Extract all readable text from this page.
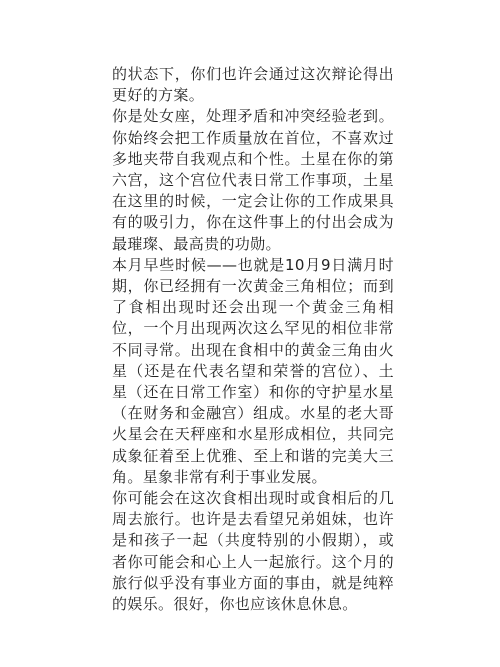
的状态下，你们也许会通过这次辩论得出更好的方案。

你是处女座，处理矛盾和冲突经验老到。你始终会把工作质量放在首位，不喜欢过多地夹带自我观点和个性。土星在你的第六宫，这个宫位代表日常工作事项，土星在这里的时候，一定会让你的工作成果具有的吸引力，你在这件事上的付出会成为最璀璨、最高贵的功勋。

本月早些时候——也就是10月9日满月时期，你已经拥有一次黄金三角相位；而到了食相出现时还会出现一个黄金三角相位，一个月出现两次这么罕见的相位非常不同寻常。出现在食相中的黄金三角由火星（还是在代表名望和荣誉的宫位）、土星（还在日常工作室）和你的守护星水星（在财务和金融宫）组成。水星的老大哥火星会在天秤座和水星形成相位，共同完成象征着至上优雅、至上和谐的完美大三角。星象非常有利于事业发展。

你可能会在这次食相出现时或食相后的几周去旅行。也许是去看望兄弟姐妹，也许是和孩子一起（共度特别的小假期），或者你可能会和心上人一起旅行。这个月的旅行似乎没有事业方面的事由，就是纯粹的娱乐。很好，你也应该休息休息。
